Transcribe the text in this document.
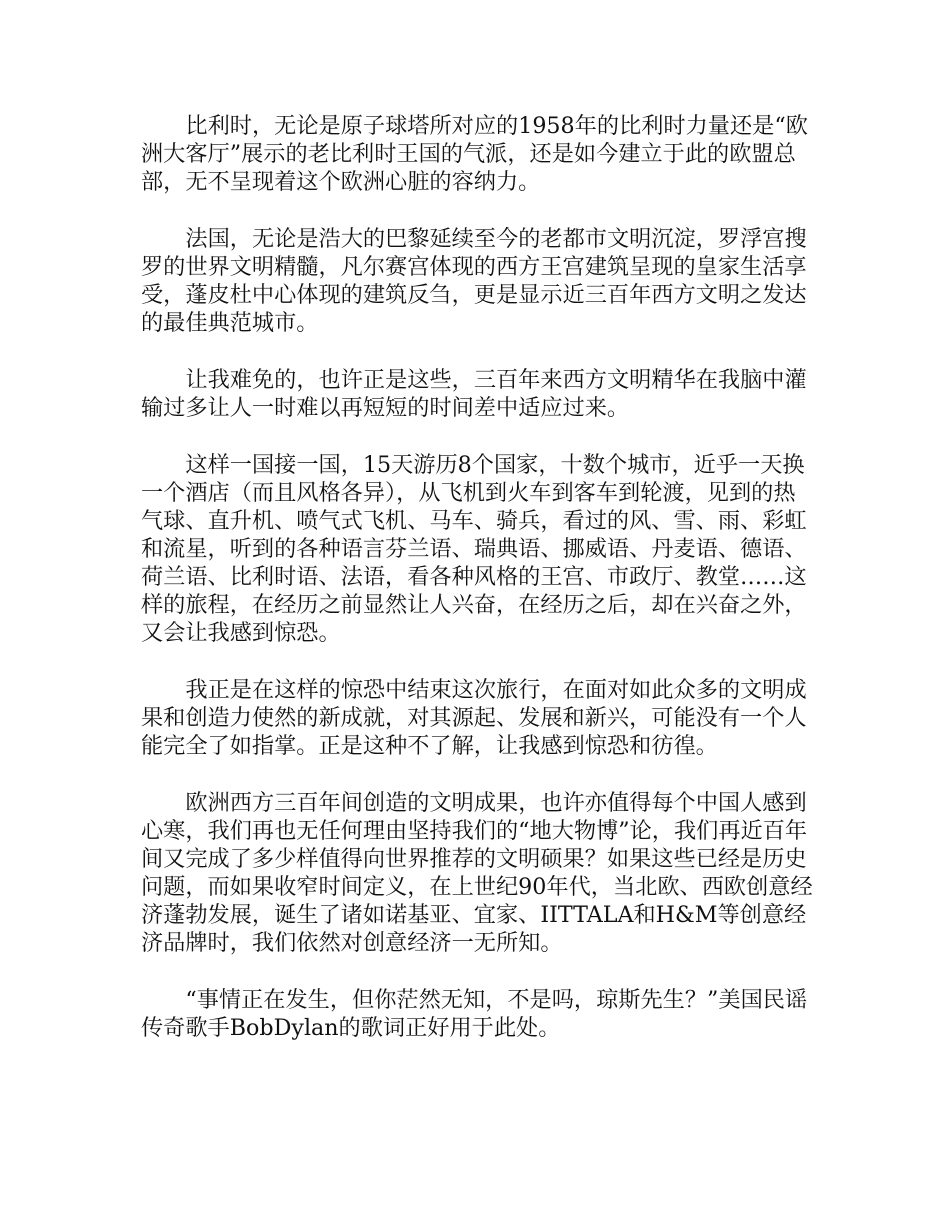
比利时，无论是原子球塔所对应的1958年的比利时力量还是“欧洲大客厅”展示的老比利时王国的气派，还是如今建立于此的欧盟总部，无不呈现着这个欧洲心脏的容纳力。

法国，无论是浩大的巴黎延续至今的老都市文明沉淀，罗浮宫搜罗的世界文明精髓，凡尔赛宫体现的西方王宫建筑呈现的皇家生活享受，蓬皮杜中心体现的建筑反刍，更是显示近三百年西方文明之发达的最佳典范城市。

让我难免的，也许正是这些，三百年来西方文明精华在我脑中灌输过多让人一时难以再短短的时间差中适应过来。

这样一国接一国，15天游历8个国家，十数个城市，近乎一天换一个酒店（而且风格各异），从飞机到火车到客车到轮渡，见到的热气球、直升机、喷气式飞机、马车、骑兵，看过的风、雪、雨、彩虹和流星，听到的各种语言芬兰语、瑞典语、挪威语、丹麦语、德语、荷兰语、比利时语、法语，看各种风格的王宫、市政厅、教堂……这样的旅程，在经历之前显然让人兴奋，在经历之后，却在兴奋之外，又会让我感到惊恐。

我正是在这样的惊恐中结束这次旅行，在面对如此众多的文明成果和创造力使然的新成就，对其源起、发展和新兴，可能没有一个人能完全了如指掌。正是这种不了解，让我感到惊恐和彷徨。

欧洲西方三百年间创造的文明成果，也许亦值得每个中国人感到心寒，我们再也无任何理由坚持我们的“地大物博”论，我们再近百年间又完成了多少样值得向世界推荐的文明硕果？如果这些已经是历史问题，而如果收窄时间定义，在上世纪90年代，当北欧、西欧创意经济蓬勃发展，诞生了诸如诺基亚、宜家、IITTALA和H&M等创意经济品牌时，我们依然对创意经济一无所知。

“事情正在发生，但你茫然无知，不是吗，琼斯先生？”美国民谣传奇歌手BobDylan的歌词正好用于此处。
